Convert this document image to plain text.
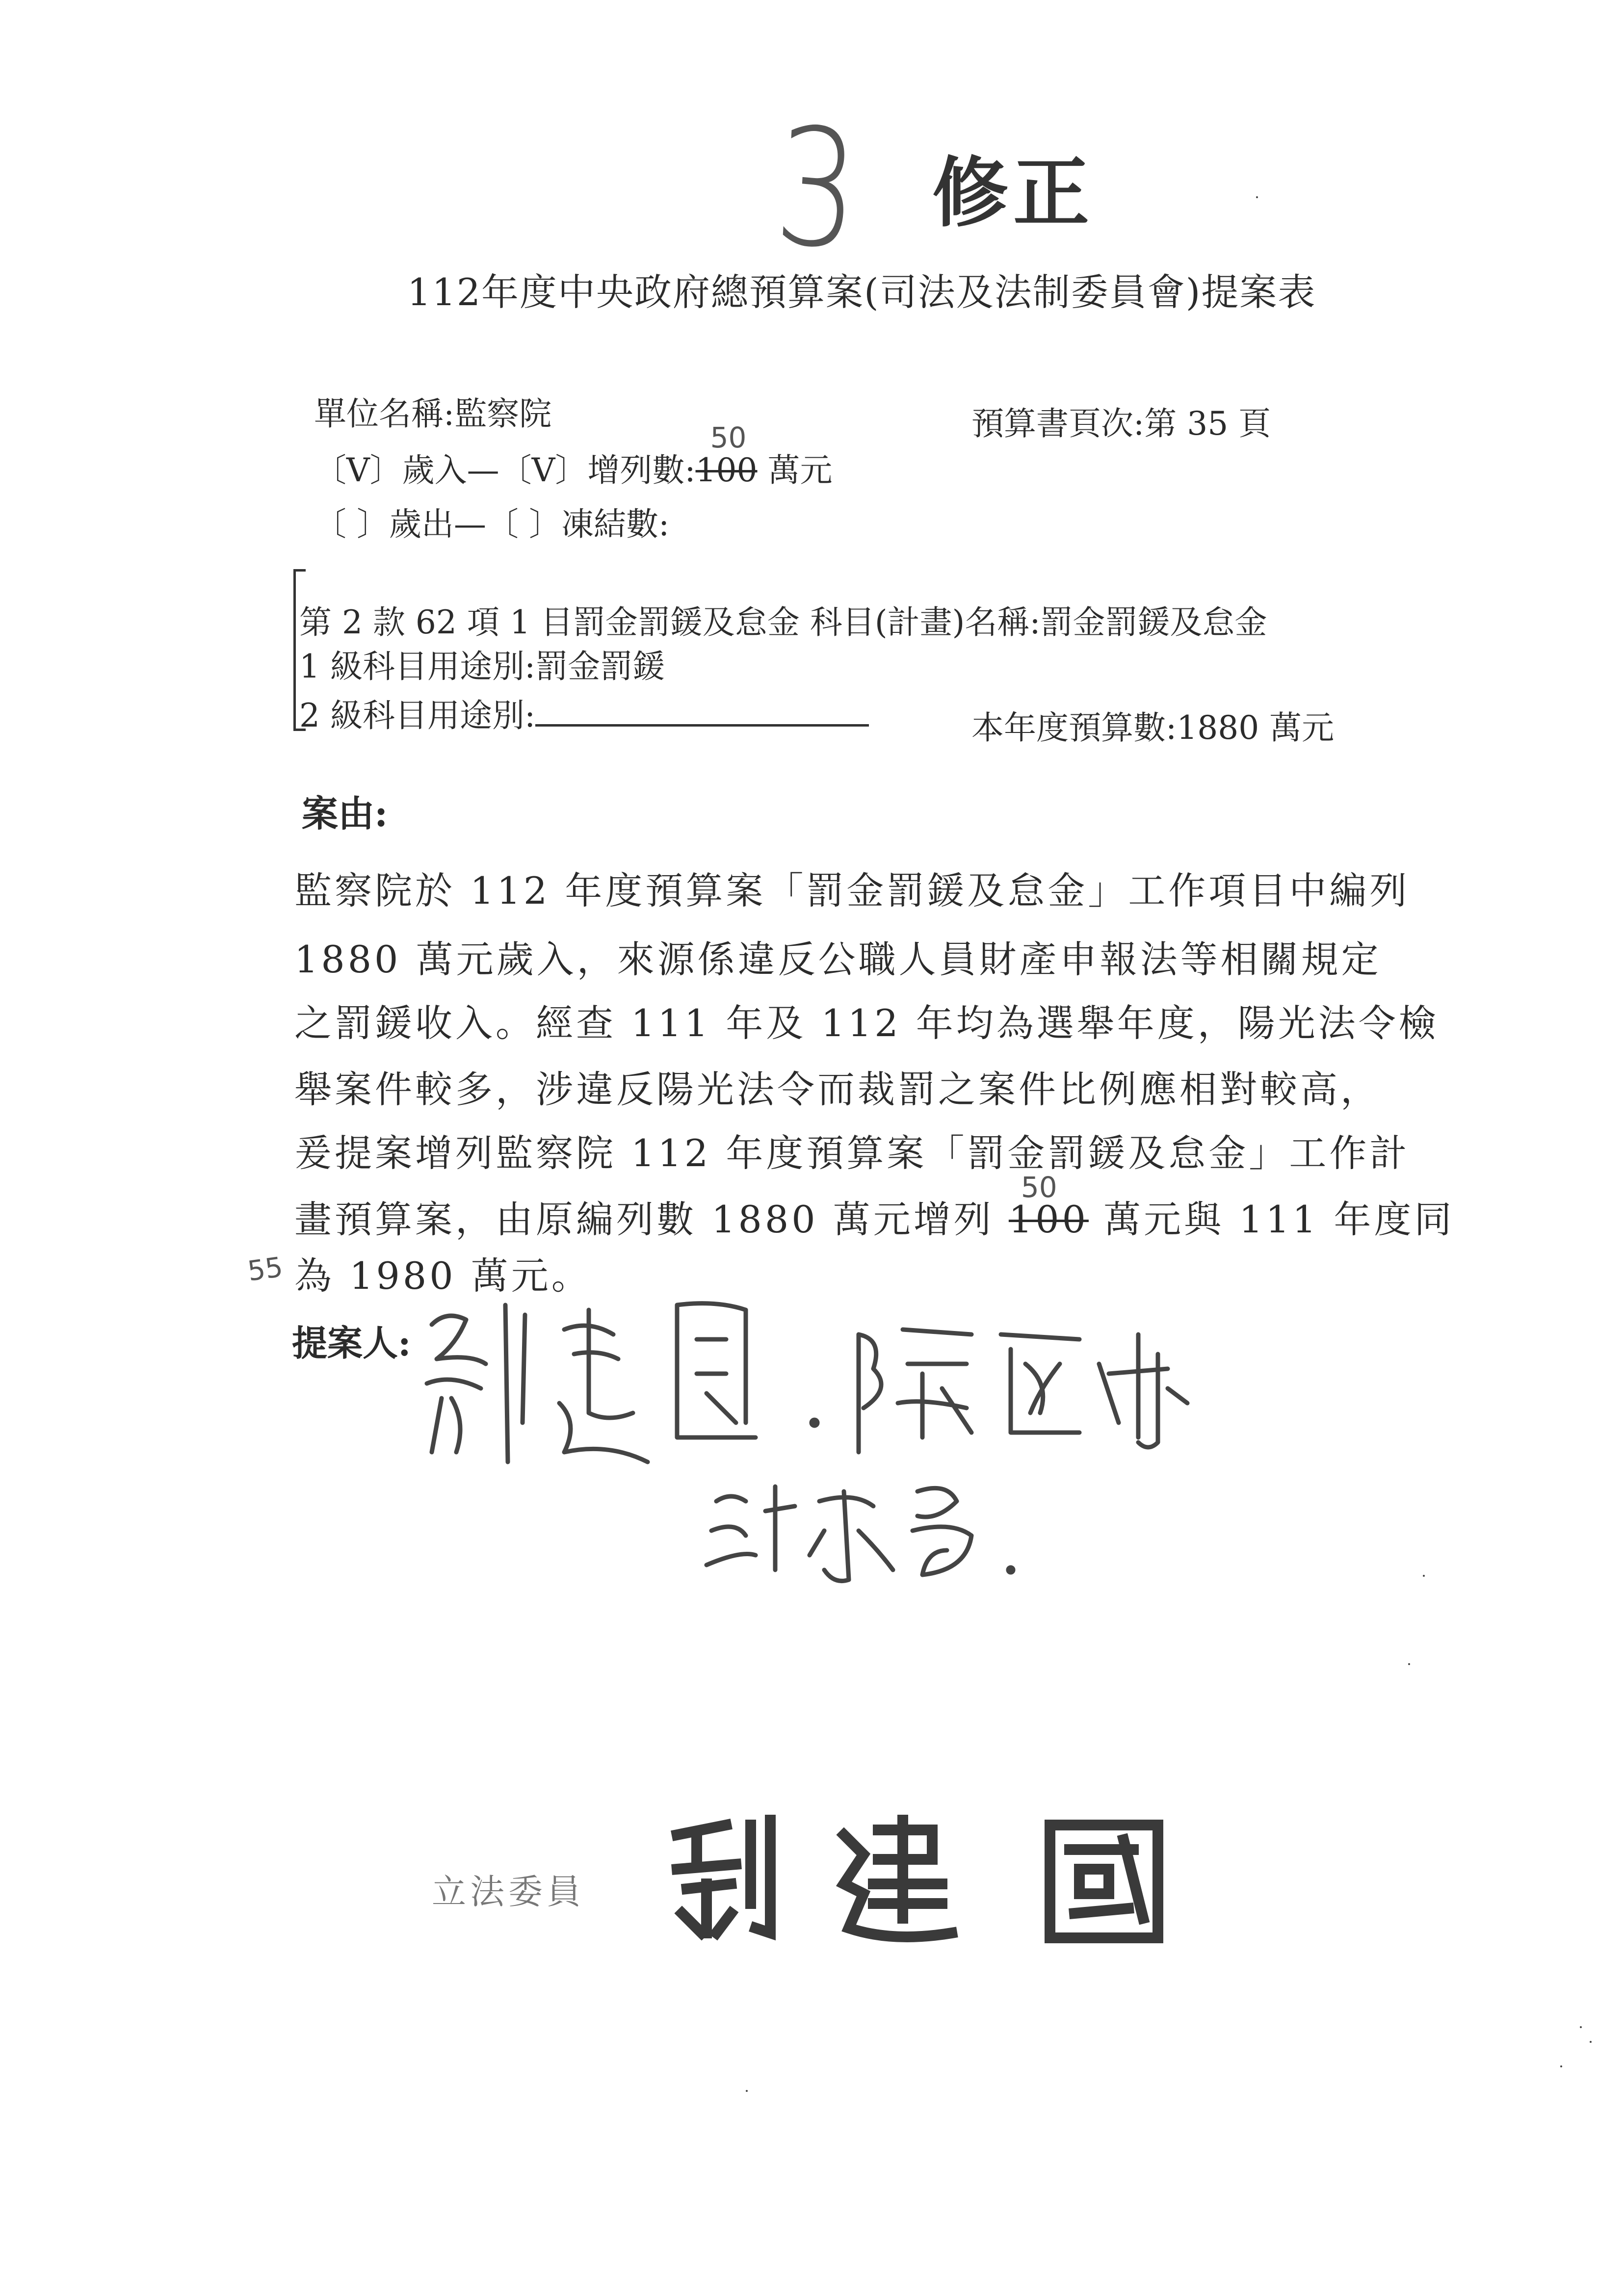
3 修正
112年度中央政府總預算案(司法及法制委員會)提案表
單位名稱:監察院	預算書頁次:第 35 頁
〔V〕歲入—〔V〕增列數:
50
100 萬元
〔 〕歲出—〔 〕凍結數:
第 2 款 62 項 1 目罰金罰鍰及怠金 科目(計畫)名稱:罰金罰鍰及怠金
1 級科目用途別:罰金罰鍰
2 級科目用途別:	本年度預算數:1880 萬元
案由:
監察院於 112 年度預算案「罰金罰鍰及怠金」工作項目中編列
1880 萬元歲入，來源係違反公職人員財產申報法等相關規定
之罰鍰收入。經查 111 年及 112 年均為選舉年度，陽光法令檢
舉案件較多，涉違反陽光法令而裁罰之案件比例應相對較高，
爰提案增列監察院 112 年度預算案「罰金罰鍰及怠金」工作計
畫預算案，由原編列數 1880 萬元增列
50
100 萬元與 111 年度同
55 為 1980 萬元。
提案人:
立法委員
